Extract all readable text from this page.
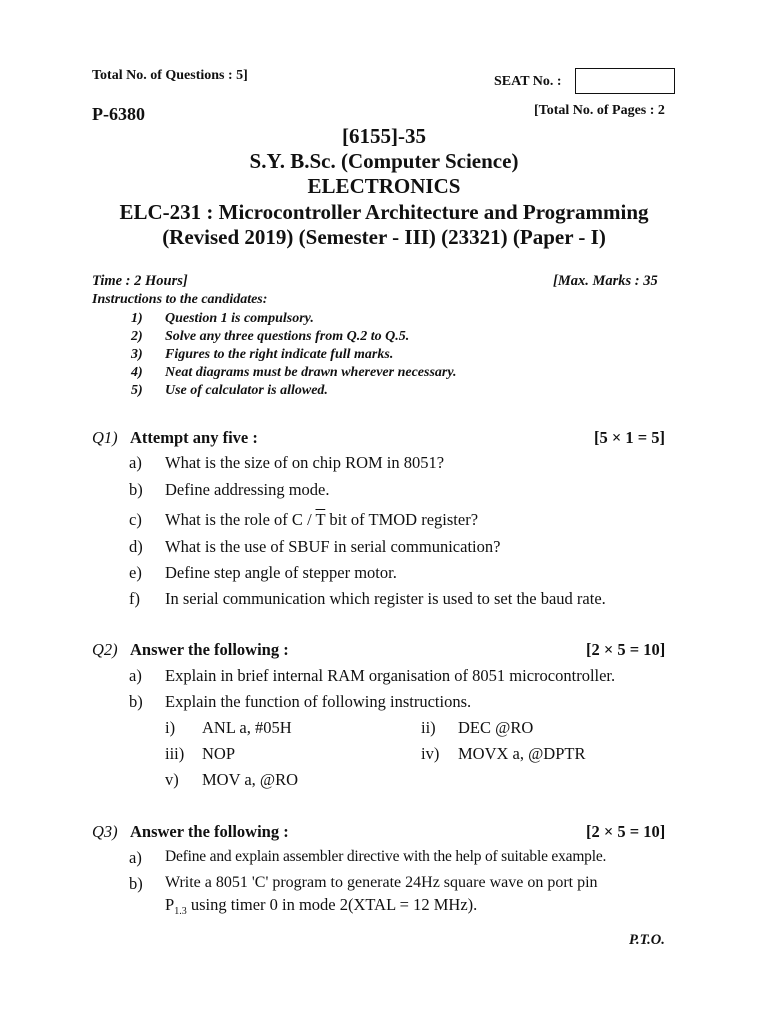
Total No. of Questions : 5]	SEAT No. :
P-6380	[Total No. of Pages : 2
[6155]-35
S.Y. B.Sc. (Computer Science)
ELECTRONICS
ELC-231 : Microcontroller Architecture and Programming
(Revised 2019) (Semester - III) (23321) (Paper - I)
Time : 2 Hours]	[Max. Marks : 35
Instructions to the candidates:
1) Question 1 is compulsory.
2) Solve any three questions from Q.2 to Q.5.
3) Figures to the right indicate full marks.
4) Neat diagrams must be drawn wherever necessary.
5) Use of calculator is allowed.
Q1) Attempt any five :	[5 × 1 = 5]
a) What is the size of on chip ROM in 8051?
b) Define addressing mode.
c) What is the role of C / $\overline{T}$ bit of TMOD register?
d) What is the use of SBUF in serial communication?
e) Define step angle of stepper motor.
f) In serial communication which register is used to set the baud rate.
Q2) Answer the following :	[2 × 5 = 10]
a) Explain in brief internal RAM organisation of 8051 microcontroller.
b) Explain the function of following instructions.
i) ANL a, #05H	ii) DEC @RO
iii) NOP	iv) MOVX a, @DPTR
v) MOV a, @RO
Q3) Answer the following :	[2 × 5 = 10]
a) Define and explain assembler directive with the help of suitable example.
b) Write a 8051 'C' program to generate 24Hz square wave on port pin
$P_{1.3}$ using timer 0 in mode 2(XTAL = 12 MHz).
P.T.O.
